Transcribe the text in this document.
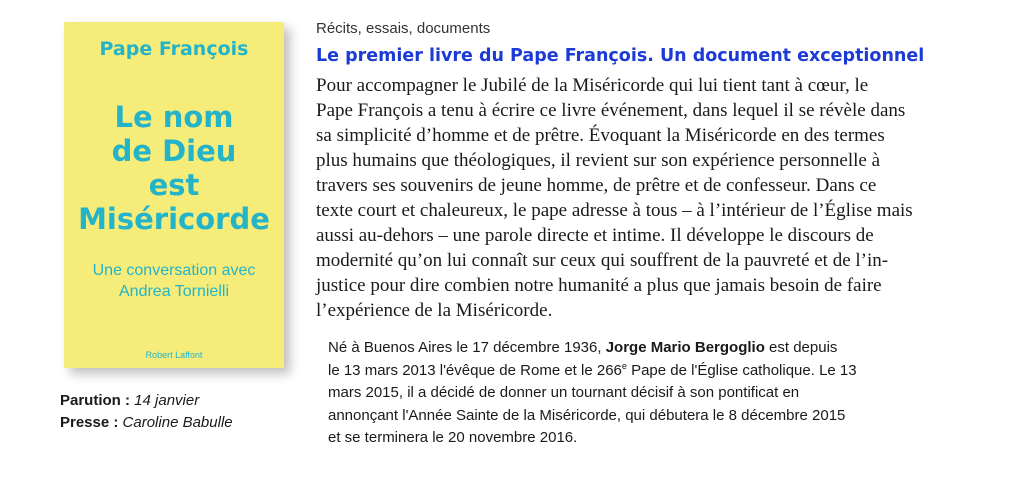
Pape François
Le nom
de Dieu
est
Miséricorde
Une conversation avec
Andrea Tornielli
Robert Laffont
Parution : 14 janvier
Presse : Caroline Babulle
Récits, essais, documents
Le premier livre du Pape François. Un document exceptionnel
Pour accompagner le Jubilé de la Miséricorde qui lui tient tant à cœur, le
Pape François a tenu à écrire ce livre événement, dans lequel il se révèle dans
sa simplicité d’homme et de prêtre. Évoquant la Miséricorde en des termes
plus humains que théologiques, il revient sur son expérience personnelle à
travers ses souvenirs de jeune homme, de prêtre et de confesseur. Dans ce
texte court et chaleureux, le pape adresse à tous – à l’intérieur de l’Église mais
aussi au-dehors – une parole directe et intime. Il développe le discours de
modernité qu’on lui connaît sur ceux qui souffrent de la pauvreté et de l’in-
justice pour dire combien notre humanité a plus que jamais besoin de faire
l’expérience de la Miséricorde.
Né à Buenos Aires le 17 décembre 1936, Jorge Mario Bergoglio est depuis
le 13 mars 2013 l'évêque de Rome et le 266e Pape de l'Église catholique. Le 13
mars 2015, il a décidé de donner un tournant décisif à son pontificat en
annonçant l'Année Sainte de la Miséricorde, qui débutera le 8 décembre 2015
et se terminera le 20 novembre 2016.
